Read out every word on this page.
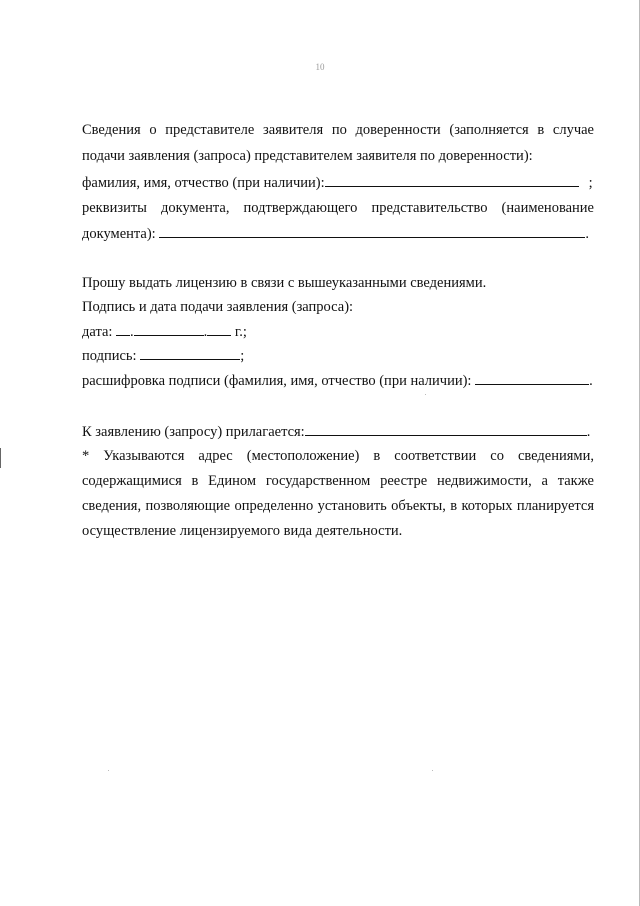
10
Сведения о представителе заявителя по доверенности (заполняется в случае
подачи заявления (запроса) представителем заявителя по доверенности):
фамилия, имя, отчество (при наличии):	;
реквизиты документа, подтверждающего представительство (наименование
документа):	.
Прошу выдать лицензию в связи с вышеуказанными сведениями.
Подпись и дата подачи заявления (запроса):
дата: .	. г.;
подпись:	;
расшифровка подписи (фамилия, имя, отчество (при наличии):	.
К заявлению (запросу) прилагается:	.
* Указываются адрес (местоположение) в соответствии со сведениями,
содержащимися в Едином государственном реестре недвижимости, а также
сведения, позволяющие определенно установить объекты, в которых планируется
осуществление лицензируемого вида деятельности.
